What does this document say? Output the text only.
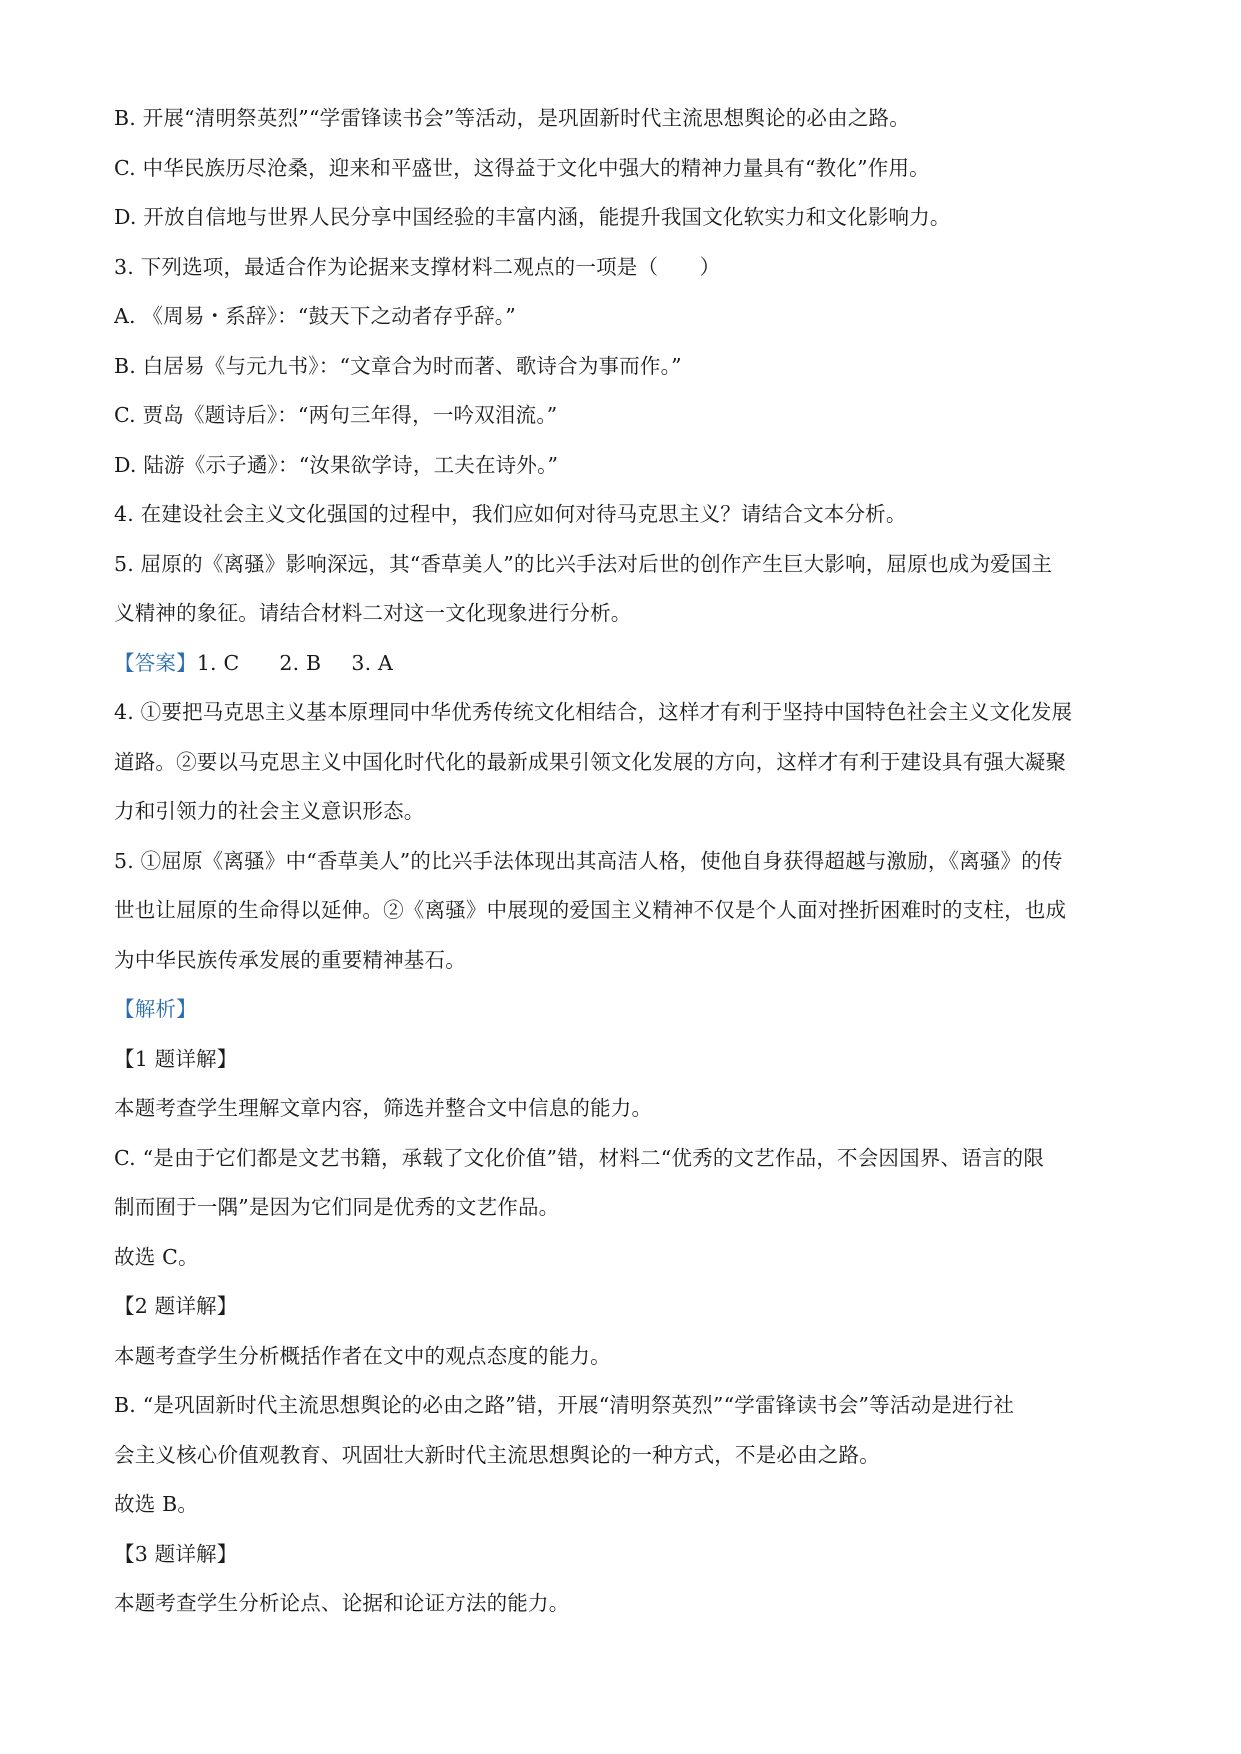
B. 开展“清明祭英烈”“学雷锋读书会”等活动，是巩固新时代主流思想舆论的必由之路。
C. 中华民族历尽沧桑，迎来和平盛世，这得益于文化中强大的精神力量具有“教化”作用。
D. 开放自信地与世界人民分享中国经验的丰富内涵，能提升我国文化软实力和文化影响力。
3. 下列选项，最适合作为论据来支撑材料二观点的一项是（　　）
A. 《周易・系辞》：“鼓天下之动者存乎辞。”
B. 白居易《与元九书》：“文章合为时而著、歌诗合为事而作。”
C. 贾岛《题诗后》：“两句三年得，一吟双泪流。”
D. 陆游《示子遹》：“汝果欲学诗，工夫在诗外。”
4. 在建设社会主义文化强国的过程中，我们应如何对待马克思主义？请结合文本分析。
5. 屈原的《离骚》影响深远，其“香草美人”的比兴手法对后世的创作产生巨大影响，屈原也成为爱国主
义精神的象征。请结合材料二对这一文化现象进行分析。
【答案】1. C 2. B 3. A
4. ①要把马克思主义基本原理同中华优秀传统文化相结合，这样才有利于坚持中国特色社会主义文化发展
道路。②要以马克思主义中国化时代化的最新成果引领文化发展的方向，这样才有利于建设具有强大凝聚
力和引领力的社会主义意识形态。
5. ①屈原《离骚》中“香草美人”的比兴手法体现出其高洁人格，使他自身获得超越与激励，《离骚》的传
世也让屈原的生命得以延伸。②《离骚》中展现的爱国主义精神不仅是个人面对挫折困难时的支柱，也成
为中华民族传承发展的重要精神基石。
【解析】
【1 题详解】
本题考查学生理解文章内容，筛选并整合文中信息的能力。
C. “是由于它们都是文艺书籍，承载了文化价值”错，材料二“优秀的文艺作品，不会因国界、语言的限
制而囿于一隅”是因为它们同是优秀的文艺作品。
故选 C。
【2 题详解】
本题考查学生分析概括作者在文中的观点态度的能力。
B. “是巩固新时代主流思想舆论的必由之路”错，开展“清明祭英烈”“学雷锋读书会”等活动是进行社
会主义核心价值观教育、巩固壮大新时代主流思想舆论的一种方式，不是必由之路。
故选 B。
【3 题详解】
本题考查学生分析论点、论据和论证方法的能力。
